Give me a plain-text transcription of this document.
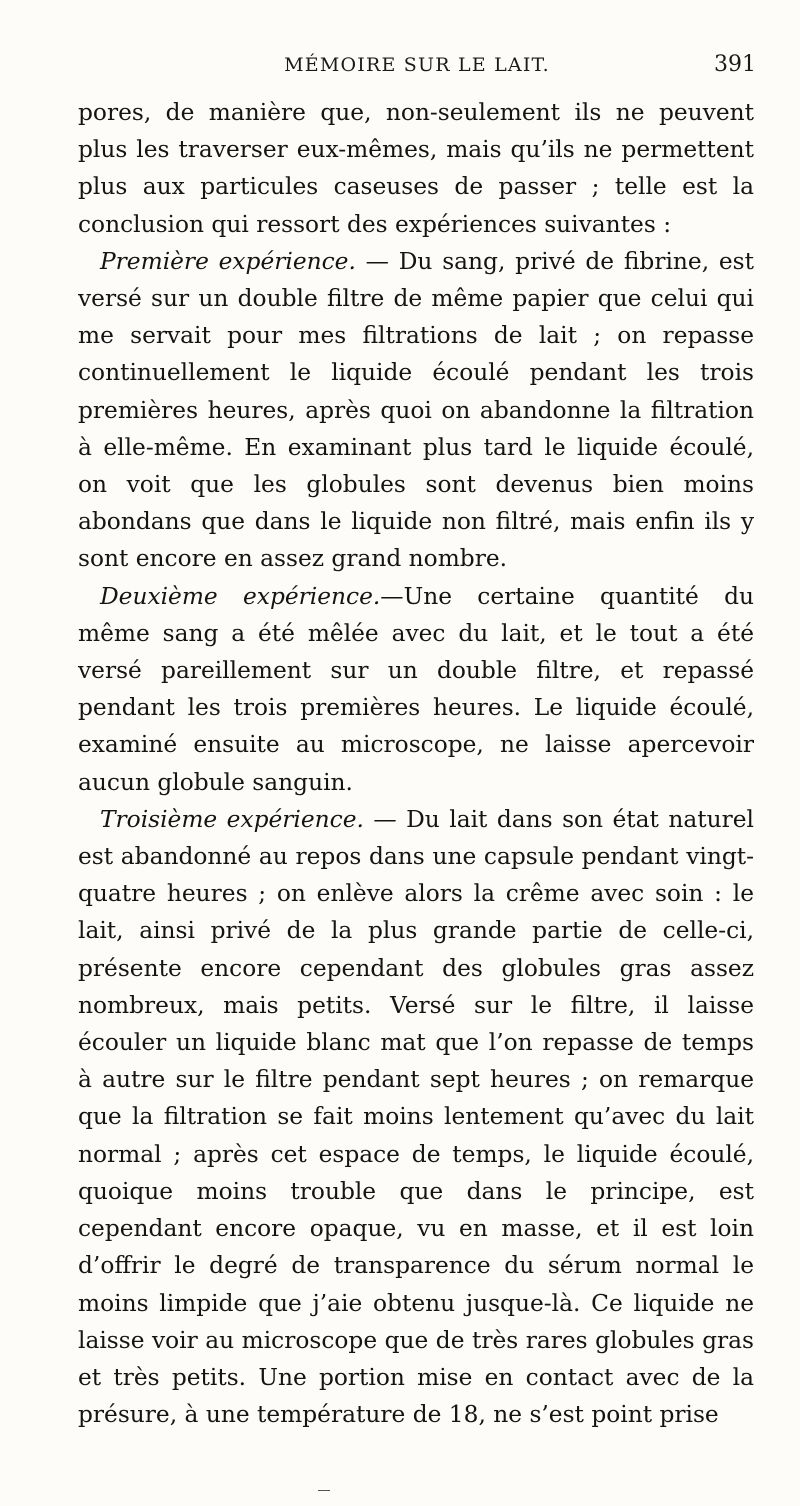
MÉMOIRE SUR LE LAIT.	391

pores, de manière que, non-seulement ils ne peuvent plus les traverser eux-mêmes, mais qu’ils ne permettent plus aux particules caseuses de passer ; telle est la conclusion qui ressort des expériences suivantes :

Première expérience. — Du sang, privé de fibrine, est versé sur un double filtre de même papier que celui qui me servait pour mes filtrations de lait ; on repasse continuellement le liquide écoulé pendant les trois premières heures, après quoi on abandonne la filtration à elle-même. En examinant plus tard le liquide écoulé, on voit que les globules sont devenus bien moins abondans que dans le liquide non filtré, mais enfin ils y sont encore en assez grand nombre.

Deuxième expérience.—Une certaine quantité du même sang a été mêlée avec du lait, et le tout a été versé pareillement sur un double filtre, et repassé pendant les trois premières heures. Le liquide écoulé, examiné ensuite au microscope, ne laisse apercevoir aucun globule sanguin.

Troisième expérience. — Du lait dans son état naturel est abandonné au repos dans une capsule pendant vingt-quatre heures ; on enlève alors la crême avec soin : le lait, ainsi privé de la plus grande partie de celle-ci, présente encore cependant des globules gras assez nombreux, mais petits. Versé sur le filtre, il laisse écouler un liquide blanc mat que l’on repasse de temps à autre sur le filtre pendant sept heures ; on remarque que la filtration se fait moins lentement qu’avec du lait normal ; après cet espace de temps, le liquide écoulé, quoique moins trouble que dans le principe, est cependant encore opaque, vu en masse, et il est loin d’offrir le degré de transparence du sérum normal le moins limpide que j’aie obtenu jusque-là. Ce liquide ne laisse voir au microscope que de très rares globules gras et très petits. Une portion mise en contact avec de la présure, à une température de 18, ne s’est point prise
